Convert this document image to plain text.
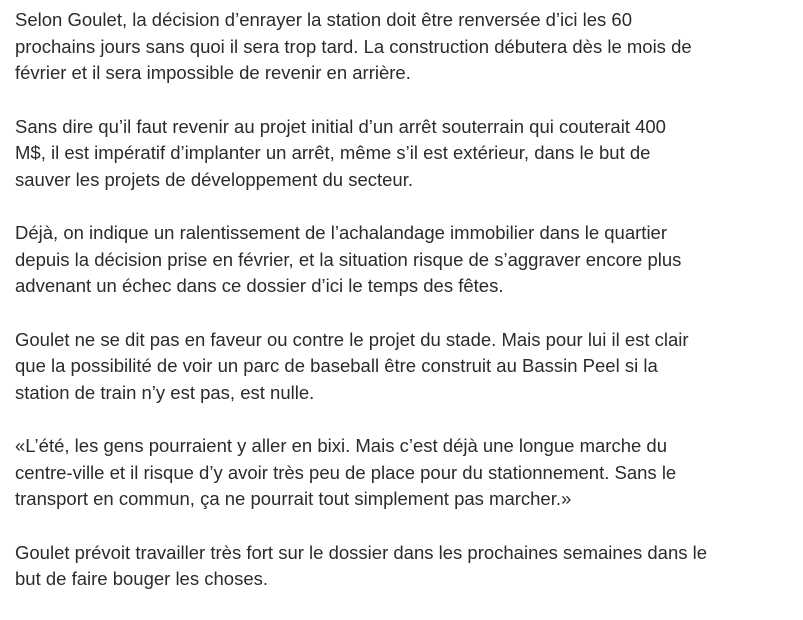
Selon Goulet, la décision d’enrayer la station doit être renversée d’ici les 60
prochains jours sans quoi il sera trop tard. La construction débutera dès le mois de
février et il sera impossible de revenir en arrière.

Sans dire qu’il faut revenir au projet initial d’un arrêt souterrain qui couterait 400
M$, il est impératif d’implanter un arrêt, même s’il est extérieur, dans le but de
sauver les projets de développement du secteur.

Déjà, on indique un ralentissement de l’achalandage immobilier dans le quartier
depuis la décision prise en février, et la situation risque de s’aggraver encore plus
advenant un échec dans ce dossier d’ici le temps des fêtes.

Goulet ne se dit pas en faveur ou contre le projet du stade. Mais pour lui il est clair
que la possibilité de voir un parc de baseball être construit au Bassin Peel si la
station de train n’y est pas, est nulle.

«L’été, les gens pourraient y aller en bixi. Mais c’est déjà une longue marche du
centre-ville et il risque d’y avoir très peu de place pour du stationnement. Sans le
transport en commun, ça ne pourrait tout simplement pas marcher.»

Goulet prévoit travailler très fort sur le dossier dans les prochaines semaines dans le
but de faire bouger les choses.
